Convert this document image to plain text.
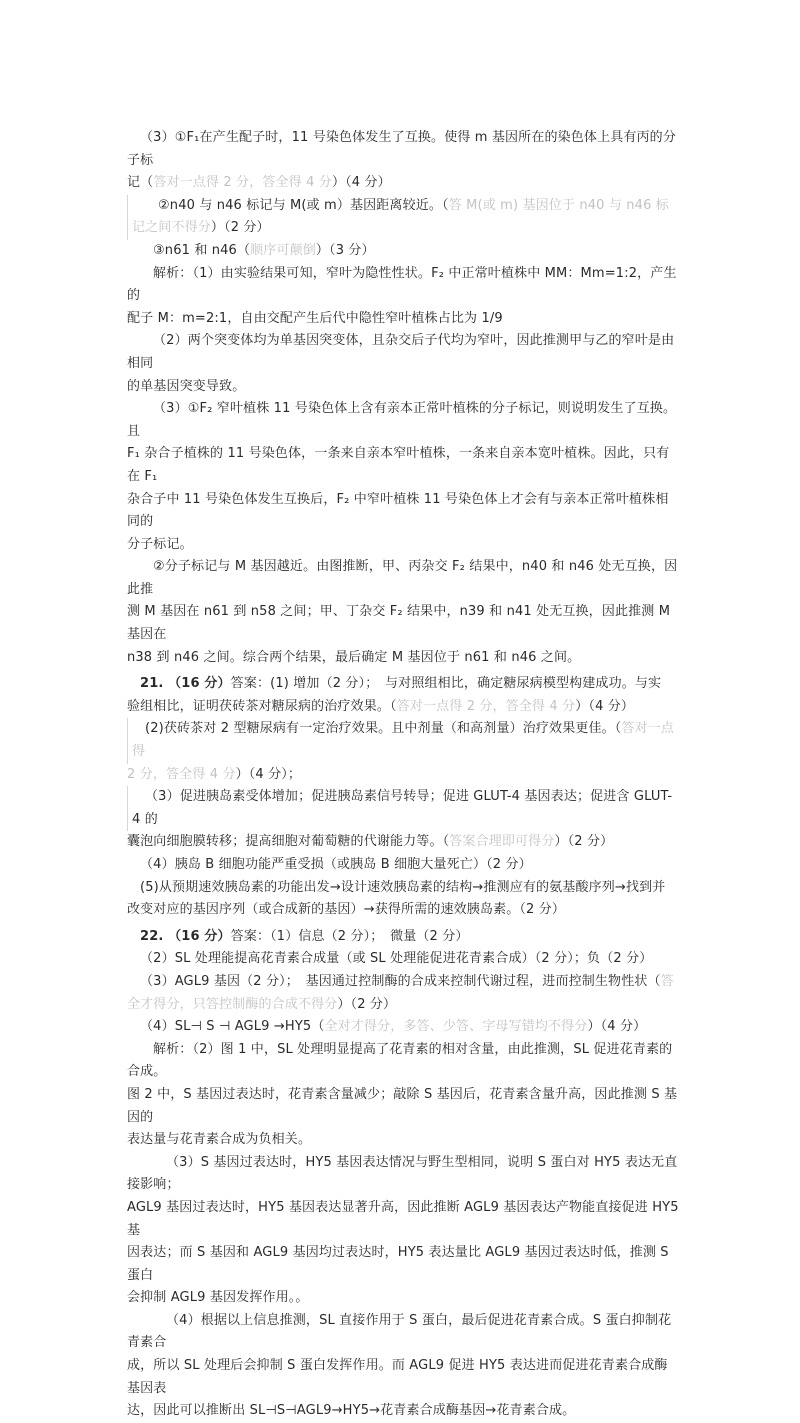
（3）①F₁在产生配子时，11 号染色体发生了互换。使得 m 基因所在的染色体上具有丙的分子标

记（答对一点得 2 分，答全得 4 分）（4 分）

②n40 与 n46 标记与 M(或 m）基因距离较近。（答 M(或 m) 基因位于 n40 与 n46 标记之间不得分）（2 分）

③n61 和 n46（顺序可颠倒）（3 分）

解析：（1）由实验结果可知，窄叶为隐性性状。F₂ 中正常叶植株中 MM：Mm=1:2，产生的

配子 M：m=2:1，自由交配产生后代中隐性窄叶植株占比为 1/9

（2）两个突变体均为单基因突变体，且杂交后子代均为窄叶，因此推测甲与乙的窄叶是由相同

的单基因突变导致。

（3）①F₂ 窄叶植株 11 号染色体上含有亲本正常叶植株的分子标记，则说明发生了互换。且

F₁ 杂合子植株的 11 号染色体，一条来自亲本窄叶植株，一条来自亲本宽叶植株。因此，只有在 F₁

杂合子中 11 号染色体发生互换后，F₂ 中窄叶植株 11 号染色体上才会有与亲本正常叶植株相同的

分子标记。

②分子标记与 M 基因越近。由图推断，甲、丙杂交 F₂ 结果中，n40 和 n46 处无互换，因此推

测 M 基因在 n61 到 n58 之间；甲、丁杂交 F₂ 结果中，n39 和 n41 处无互换，因此推测 M 基因在

n38 到 n46 之间。综合两个结果，最后确定 M 基因位于 n61 和 n46 之间。

21. （16 分）答案：(1) 增加（2 分）；　与对照组相比，确定糖尿病模型构建成功。与实

验组相比，证明茯砖茶对糖尿病的治疗效果。（答对一点得 2 分，答全得 4 分）（4 分）

(2)茯砖茶对 2 型糖尿病有一定治疗效果。且中剂量（和高剂量）治疗效果更佳。（答对一点得

2 分，答全得 4 分）（4 分）；

（3）促进胰岛素受体增加；促进胰岛素信号转导；促进 GLUT-4 基因表达；促进含 GLUT-4 的

囊泡向细胞膜转移；提高细胞对葡萄糖的代谢能力等。（答案合理即可得分）（2 分）

（4）胰岛 B 细胞功能严重受损（或胰岛 B 细胞大量死亡）（2 分）

(5)从预期速效胰岛素的功能出发→设计速效胰岛素的结构→推测应有的氨基酸序列→找到并

改变对应的基因序列（或合成新的基因）→获得所需的速效胰岛素。（2 分）

22. （16 分）答案：（1）信息（2 分）；　微量（2 分）

（2）SL 处理能提高花青素合成量（或 SL 处理能促进花青素合成）（2 分）；负（2 分）

（3）AGL9 基因（2 分）；　基因通过控制酶的合成来控制代谢过程，进而控制生物性状（答

全才得分，只答控制酶的合成不得分）（2 分）

（4）SL⊣ S ⊣ AGL9 →HY5（全对才得分，多答、少答、字母写错均不得分）（4 分）

解析：（2）图 1 中，SL 处理明显提高了花青素的相对含量，由此推测，SL 促进花青素的合成。

图 2 中，S 基因过表达时，花青素含量减少；敲除 S 基因后，花青素含量升高，因此推测 S 基因的

表达量与花青素合成为负相关。

（3）S 基因过表达时，HY5 基因表达情况与野生型相同，说明 S 蛋白对 HY5 表达无直接影响；

AGL9 基因过表达时，HY5 基因表达显著升高，因此推断 AGL9 基因表达产物能直接促进 HY5 基

因表达；而 S 基因和 AGL9 基因均过表达时，HY5 表达量比 AGL9 基因过表达时低，推测 S 蛋白

会抑制 AGL9 基因发挥作用。。

（4）根据以上信息推测，SL 直接作用于 S 蛋白，最后促进花青素合成。S 蛋白抑制花青素合

成，所以 SL 处理后会抑制 S 蛋白发挥作用。而 AGL9 促进 HY5 表达进而促进花青素合成酶基因表

达，因此可以推断出 SL⊣S⊣AGL9→HY5→花青素合成酶基因→花青素合成。
